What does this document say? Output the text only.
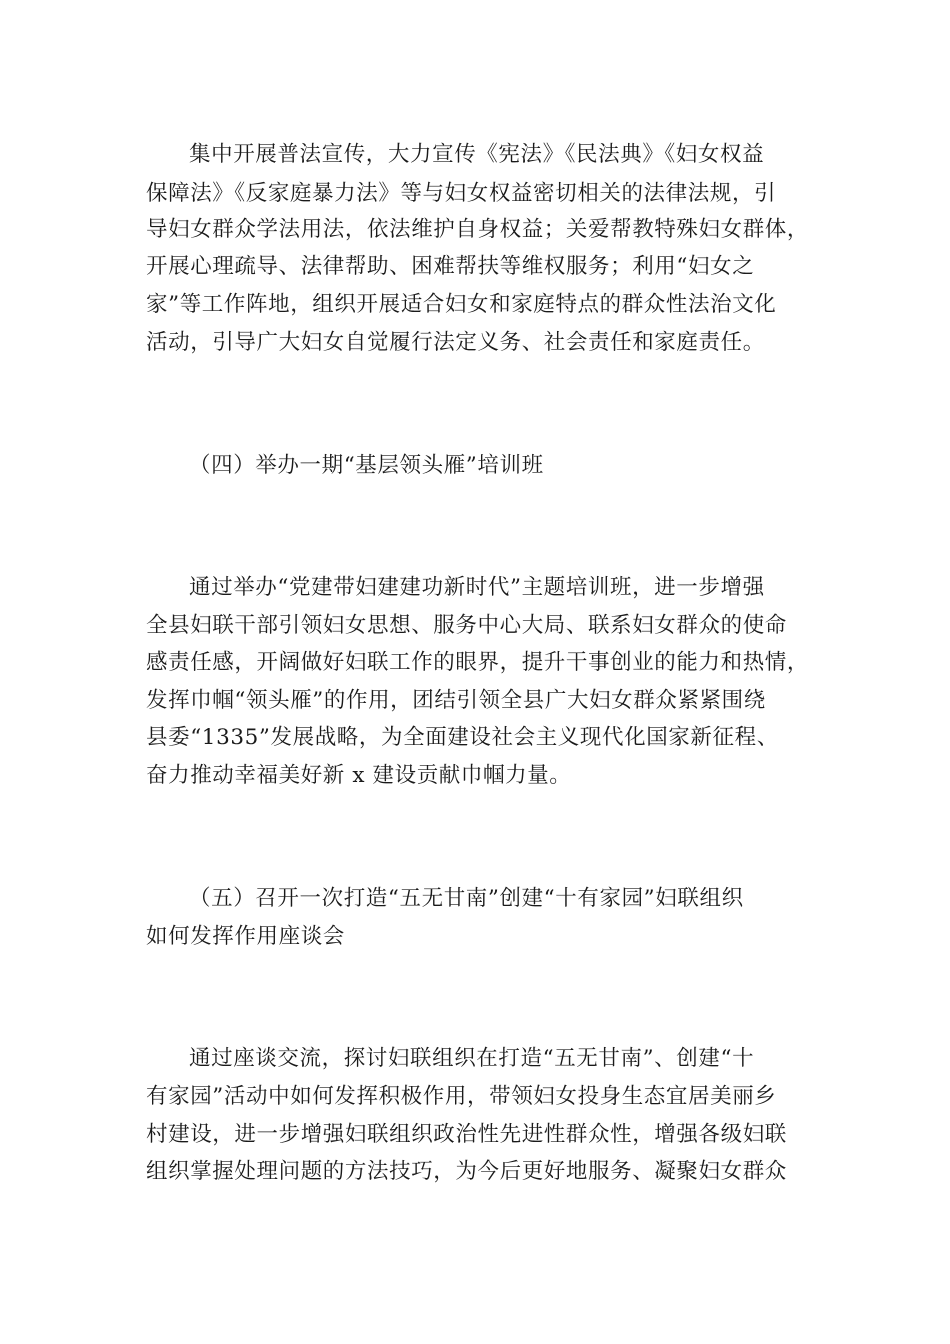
集中开展普法宣传，大力宣传《宪法》《民法典》《妇女权益
保障法》《反家庭暴力法》等与妇女权益密切相关的法律法规，引
导妇女群众学法用法，依法维护自身权益；关爱帮教特殊妇女群体，
开展心理疏导、法律帮助、困难帮扶等维权服务；利用“妇女之
家”等工作阵地，组织开展适合妇女和家庭特点的群众性法治文化
活动，引导广大妇女自觉履行法定义务、社会责任和家庭责任。
（四）举办一期“基层领头雁”培训班
通过举办“党建带妇建建功新时代”主题培训班，进一步增强
全县妇联干部引领妇女思想、服务中心大局、联系妇女群众的使命
感责任感，开阔做好妇联工作的眼界，提升干事创业的能力和热情，
发挥巾帼“领头雁”的作用，团结引领全县广大妇女群众紧紧围绕
县委“1335”发展战略，为全面建设社会主义现代化国家新征程、
奋力推动幸福美好新 x 建设贡献巾帼力量。
（五）召开一次打造“五无甘南”创建“十有家园”妇联组织
如何发挥作用座谈会
通过座谈交流，探讨妇联组织在打造“五无甘南”、创建“十
有家园”活动中如何发挥积极作用，带领妇女投身生态宜居美丽乡
村建设，进一步增强妇联组织政治性先进性群众性，增强各级妇联
组织掌握处理问题的方法技巧，为今后更好地服务、凝聚妇女群众
